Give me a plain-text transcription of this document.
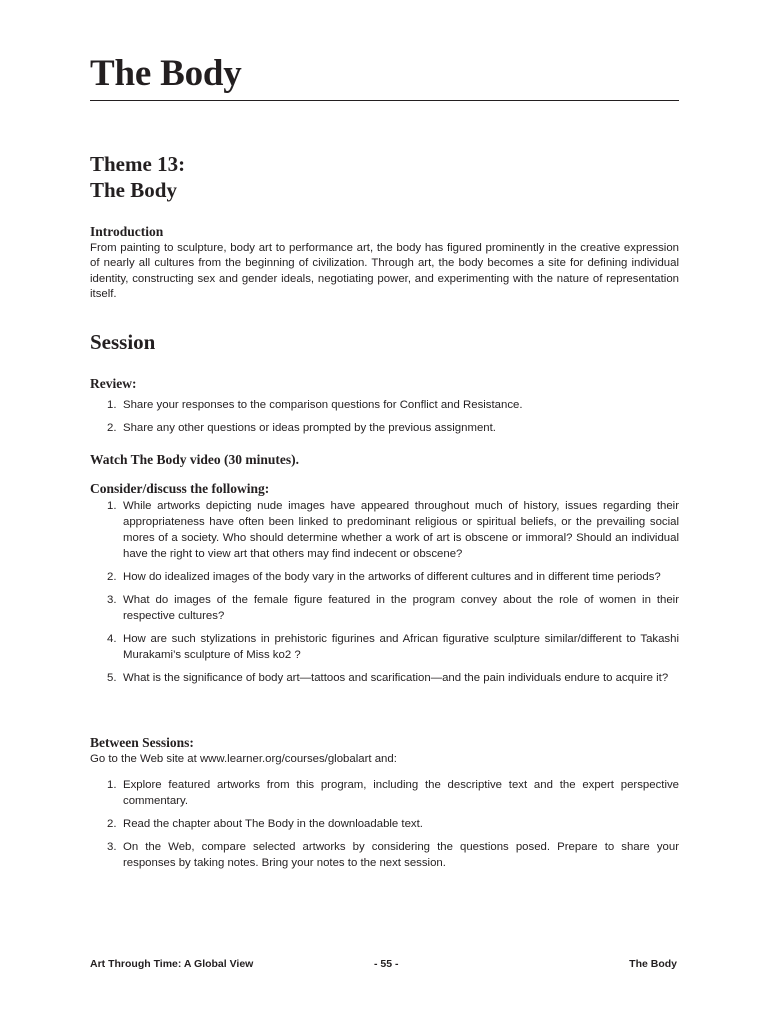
The Body
Theme 13:
The Body
Introduction

From painting to sculpture, body art to performance art, the body has figured prominently in the creative expression of nearly all cultures from the beginning of civilization. Through art, the body becomes a site for defining individual identity, constructing sex and gender ideals, negotiating power, and experimenting with the nature of representation itself.

Session
Review:
1. Share your responses to the comparison questions for Conflict and Resistance.
2. Share any other questions or ideas prompted by the previous assignment.
Watch The Body video (30 minutes).
Consider/discuss the following:
1. While artworks depicting nude images have appeared throughout much of history, issues regarding their appropriateness have often been linked to predominant religious or spiritual beliefs, or the prevailing social mores of a society. Who should determine whether a work of art is obscene or immoral? Should an individual have the right to view art that others may find indecent or obscene?
2. How do idealized images of the body vary in the artworks of different cultures and in different time periods?
3. What do images of the female figure featured in the program convey about the role of women in their respective cultures?
4. How are such stylizations in prehistoric figurines and African figurative sculpture similar/different to Takashi Murakami’s sculpture of Miss ko2 ?
5. What is the significance of body art—tattoos and scarification—and the pain individuals endure to acquire it?
Between Sessions:

Go to the Web site at www.learner.org/courses/globalart and:

1. Explore featured artworks from this program, including the descriptive text and the expert perspective commentary.
2. Read the chapter about The Body in the downloadable text.
3. On the Web, compare selected artworks by considering the questions posed. Prepare to share your responses by taking notes. Bring your notes to the next session.
Art Through Time: A Global View	- 55 -	The Body
